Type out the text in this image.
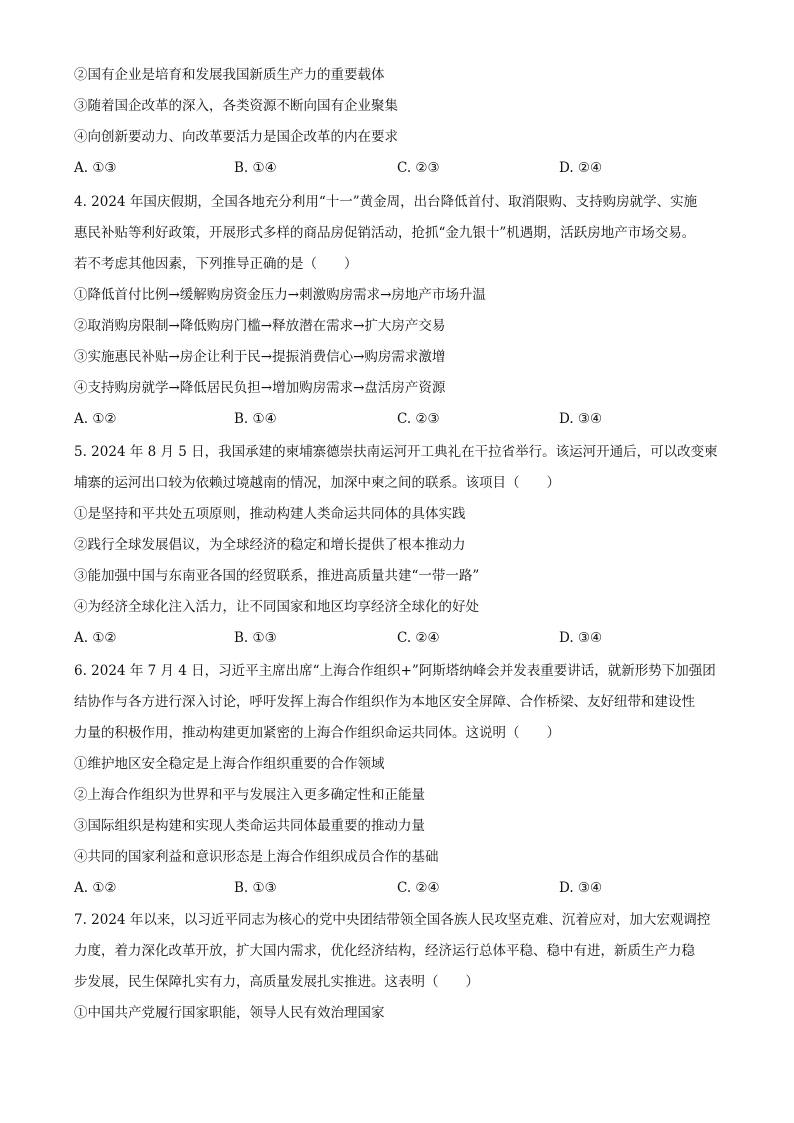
②国有企业是培育和发展我国新质生产力的重要载体
③随着国企改革的深入，各类资源不断向国有企业聚集
④向创新要动力、向改革要活力是国企改革的内在要求
A. ①③	B. ①④	C. ②③	D. ②④
4. 2024 年国庆假期，全国各地充分利用“十一”黄金周，出台降低首付、取消限购、支持购房就学、实施
惠民补贴等利好政策，开展形式多样的商品房促销活动，抢抓“金九银十”机遇期，活跃房地产市场交易。
若不考虑其他因素，下列推导正确的是（　　）
①降低首付比例→缓解购房资金压力→刺激购房需求→房地产市场升温
②取消购房限制→降低购房门槛→释放潜在需求→扩大房产交易
③实施惠民补贴→房企让利于民→提振消费信心→购房需求激增
④支持购房就学→降低居民负担→增加购房需求→盘活房产资源
A. ①②	B. ①④	C. ②③	D. ③④
5. 2024 年 8 月 5 日，我国承建的柬埔寨德崇扶南运河开工典礼在干拉省举行。该运河开通后，可以改变柬
埔寨的运河出口较为依赖过境越南的情况，加深中柬之间的联系。该项目（　　）
①是坚持和平共处五项原则，推动构建人类命运共同体的具体实践
②践行全球发展倡议，为全球经济的稳定和增长提供了根本推动力
③能加强中国与东南亚各国的经贸联系，推进高质量共建“一带一路”
④为经济全球化注入活力，让不同国家和地区均享经济全球化的好处
A. ①②	B. ①③	C. ②④	D. ③④
6. 2024 年 7 月 4 日，习近平主席出席“上海合作组织+”阿斯塔纳峰会并发表重要讲话，就新形势下加强团
结协作与各方进行深入讨论，呼吁发挥上海合作组织作为本地区安全屏障、合作桥梁、友好纽带和建设性
力量的积极作用，推动构建更加紧密的上海合作组织命运共同体。这说明（　　）
①维护地区安全稳定是上海合作组织重要的合作领域
②上海合作组织为世界和平与发展注入更多确定性和正能量
③国际组织是构建和实现人类命运共同体最重要的推动力量
④共同的国家利益和意识形态是上海合作组织成员合作的基础
A. ①②	B. ①③	C. ②④	D. ③④
7. 2024 年以来，以习近平同志为核心的党中央团结带领全国各族人民攻坚克难、沉着应对，加大宏观调控
力度，着力深化改革开放，扩大国内需求，优化经济结构，经济运行总体平稳、稳中有进，新质生产力稳
步发展，民生保障扎实有力，高质量发展扎实推进。这表明（　　）
①中国共产党履行国家职能，领导人民有效治理国家
